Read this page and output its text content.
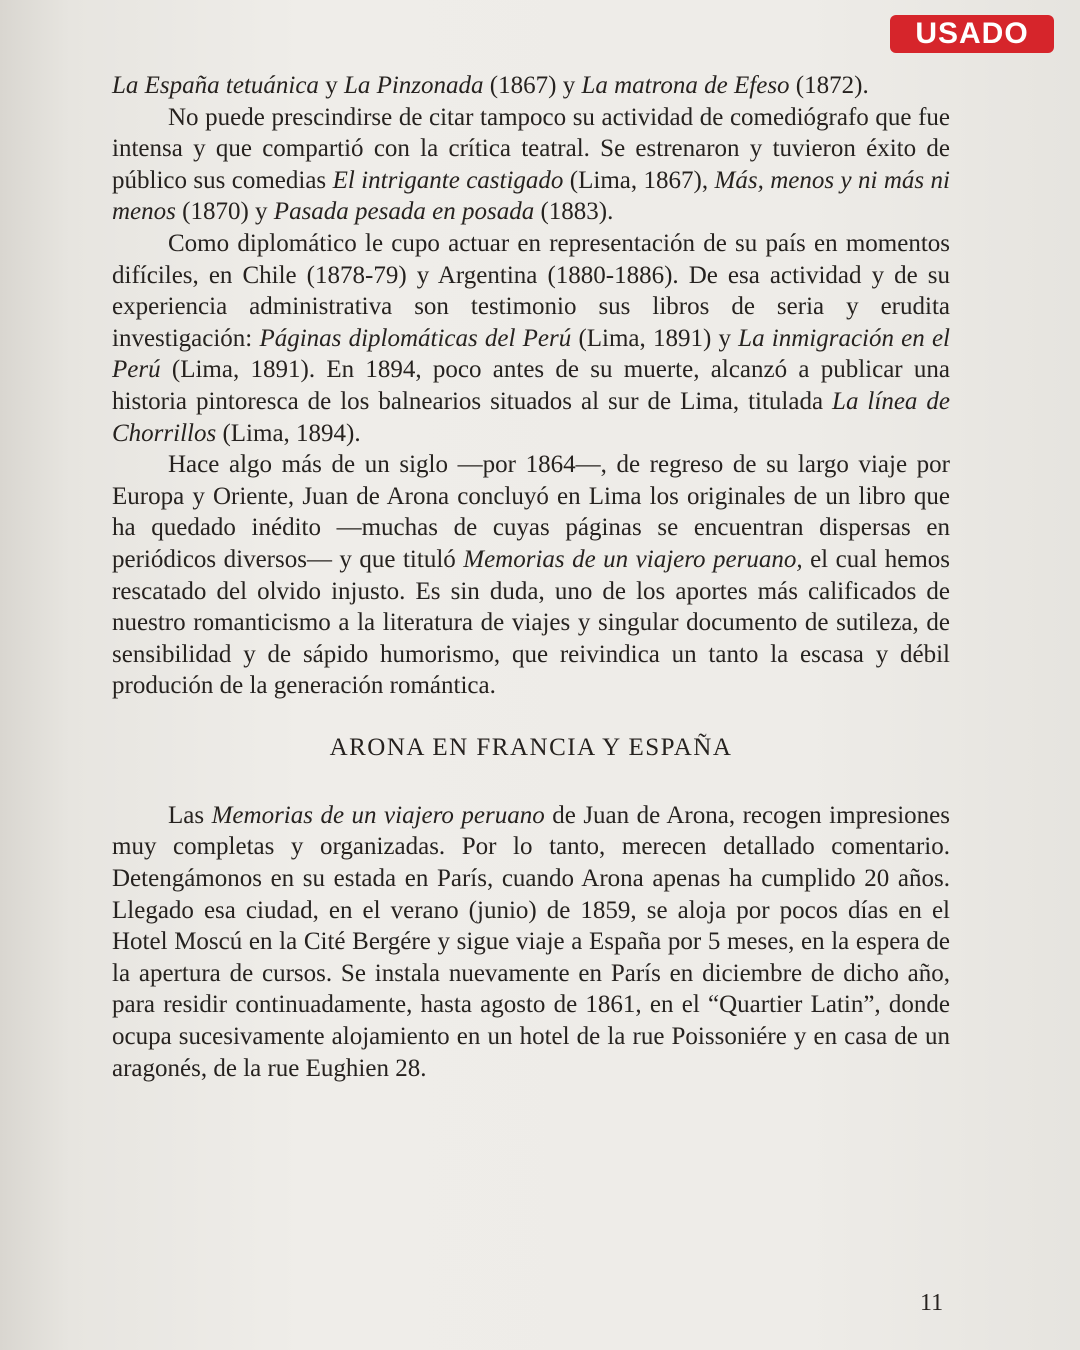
USADO

La España tetuánica y La Pinzonada (1867) y La matrona de Efeso (1872).

No puede prescindirse de citar tampoco su actividad de comediógrafo que fue intensa y que compartió con la crítica teatral. Se estrenaron y tuvieron éxito de público sus comedias El intrigante castigado (Lima, 1867), Más, menos y ni más ni menos (1870) y Pasada pesada en posada (1883).

Como diplomático le cupo actuar en representación de su país en momentos difíciles, en Chile (1878-79) y Argentina (1880-1886). De esa actividad y de su experiencia administrativa son testimonio sus libros de seria y erudita investigación: Páginas diplomáticas del Perú (Lima, 1891) y La inmigración en el Perú (Lima, 1891). En 1894, poco antes de su muerte, alcanzó a publicar una historia pintoresca de los balnearios situados al sur de Lima, titulada La línea de Chorrillos (Lima, 1894).

Hace algo más de un siglo —por 1864—, de regreso de su largo viaje por Europa y Oriente, Juan de Arona concluyó en Lima los originales de un libro que ha quedado inédito —muchas de cuyas páginas se encuentran dispersas en periódicos diversos— y que tituló Memorias de un viajero peruano, el cual hemos rescatado del olvido injusto. Es sin duda, uno de los aportes más calificados de nuestro romanticismo a la literatura de viajes y singular documento de sutileza, de sensibilidad y de sápido humorismo, que reivindica un tanto la escasa y débil produción de la generación romántica.

ARONA EN FRANCIA Y ESPAÑA

Las Memorias de un viajero peruano de Juan de Arona, recogen impresiones muy completas y organizadas. Por lo tanto, merecen detallado comentario. Detengámonos en su estada en París, cuando Arona apenas ha cumplido 20 años. Llegado esa ciudad, en el verano (junio) de 1859, se aloja por pocos días en el Hotel Moscú en la Cité Bergére y sigue viaje a España por 5 meses, en la espera de la apertura de cursos. Se instala nuevamente en París en diciembre de dicho año, para residir continuadamente, hasta agosto de 1861, en el “Quartier Latin”, donde ocupa sucesivamente alojamiento en un hotel de la rue Poissoniére y en casa de un aragonés, de la rue Eughien 28.

11
